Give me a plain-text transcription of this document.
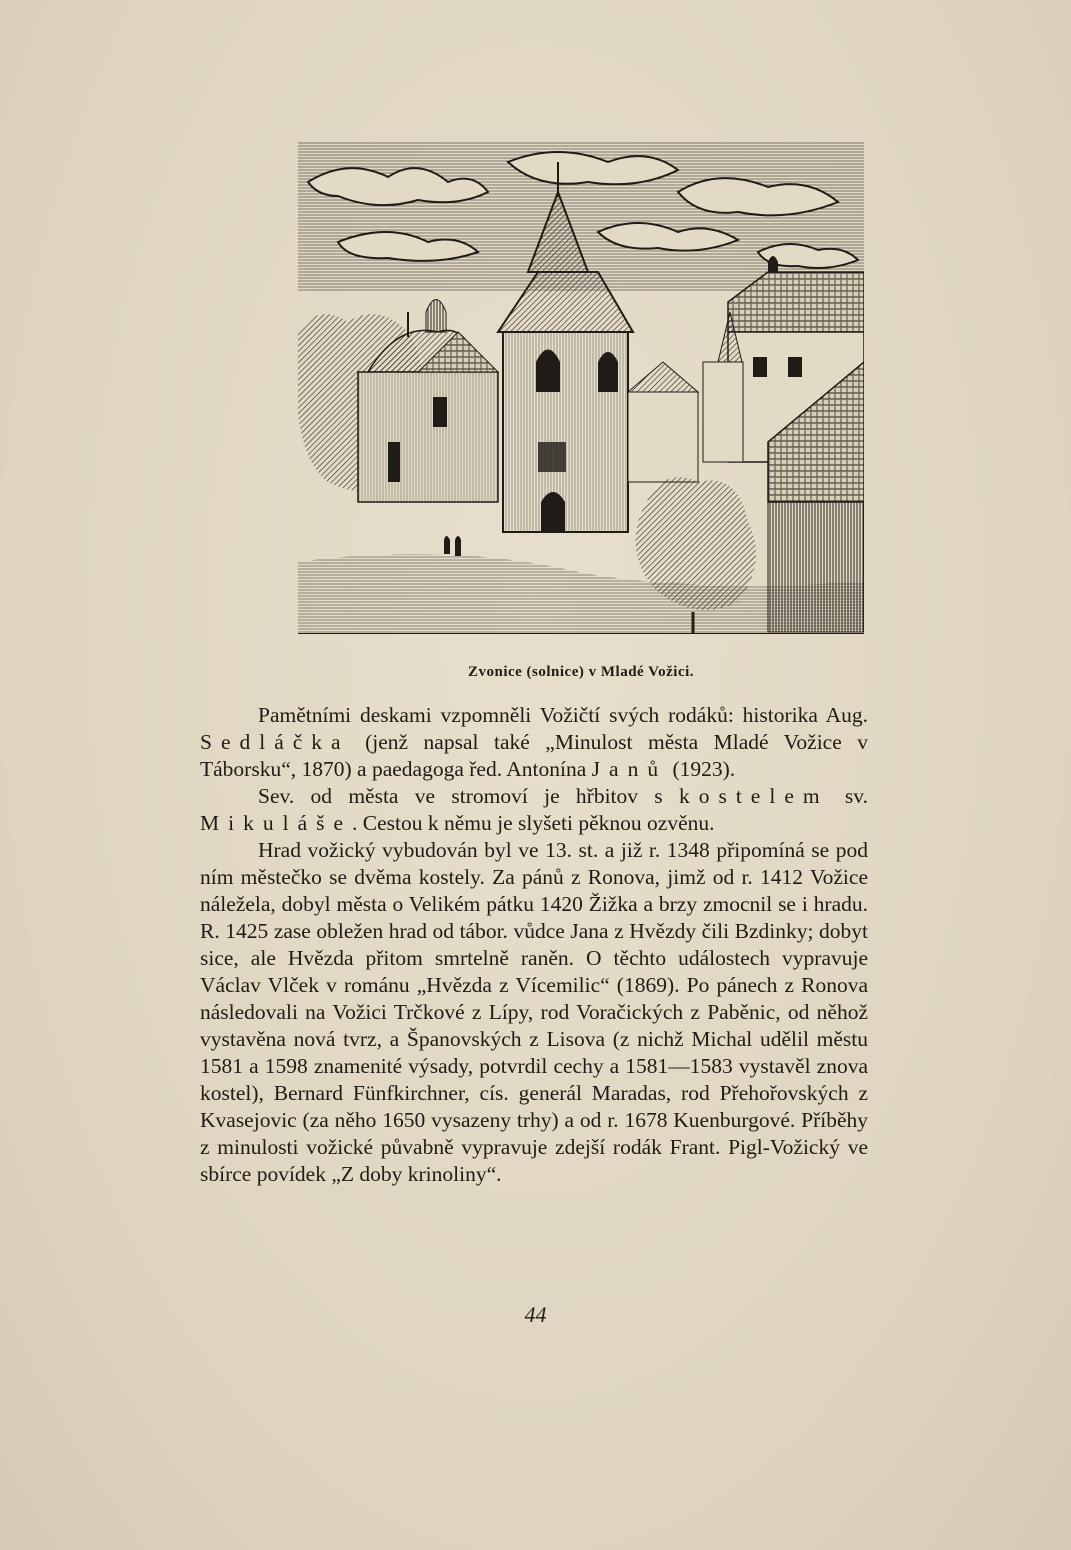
Zvonice (solnice) v Mladé Vožici.

Pamětními deskami vzpomněli Vožičtí svých rodáků: historika Aug. Sedláčka (jenž napsal také „Minulost města Mladé Vožice v Táborsku“, 1870) a paedagoga řed. Antonína Janů (1923).

Sev. od města ve stromoví je hřbitov s kostelem sv. Mikuláše. Cestou k němu je slyšeti pěknou ozvěnu.

Hrad vožický vybudován byl ve 13. st. a již r. 1348 připomíná se pod ním městečko se dvěma kostely. Za pánů z Ronova, jimž od r. 1412 Vožice náležela, dobyl města o Velikém pátku 1420 Žižka a brzy zmocnil se i hradu. R. 1425 zase obležen hrad od tábor. vůdce Jana z Hvězdy čili Bzdinky; dobyt sice, ale Hvězda přitom smrtelně raněn. O těchto událostech vypravuje Václav Vlček v románu „Hvězda z Vícemilic“ (1869). Po pánech z Ronova následovali na Vožici Trčkové z Lípy, rod Voračických z Paběnic, od něhož vystavěna nová tvrz, a Španovských z Lisova (z nichž Michal udělil městu 1581 a 1598 znamenité výsady, potvrdil cechy a 1581—1583 vystavěl znova kostel), Bernard Fünfkirchner, cís. generál Maradas, rod Přehořovských z Kvasejovic (za něho 1650 vysazeny trhy) a od r. 1678 Kuenburgové. Příběhy z minulosti vožické půvabně vypravuje zdejší rodák Frant. Pigl-Vožický ve sbírce povídek „Z doby krinoliny“.

44
